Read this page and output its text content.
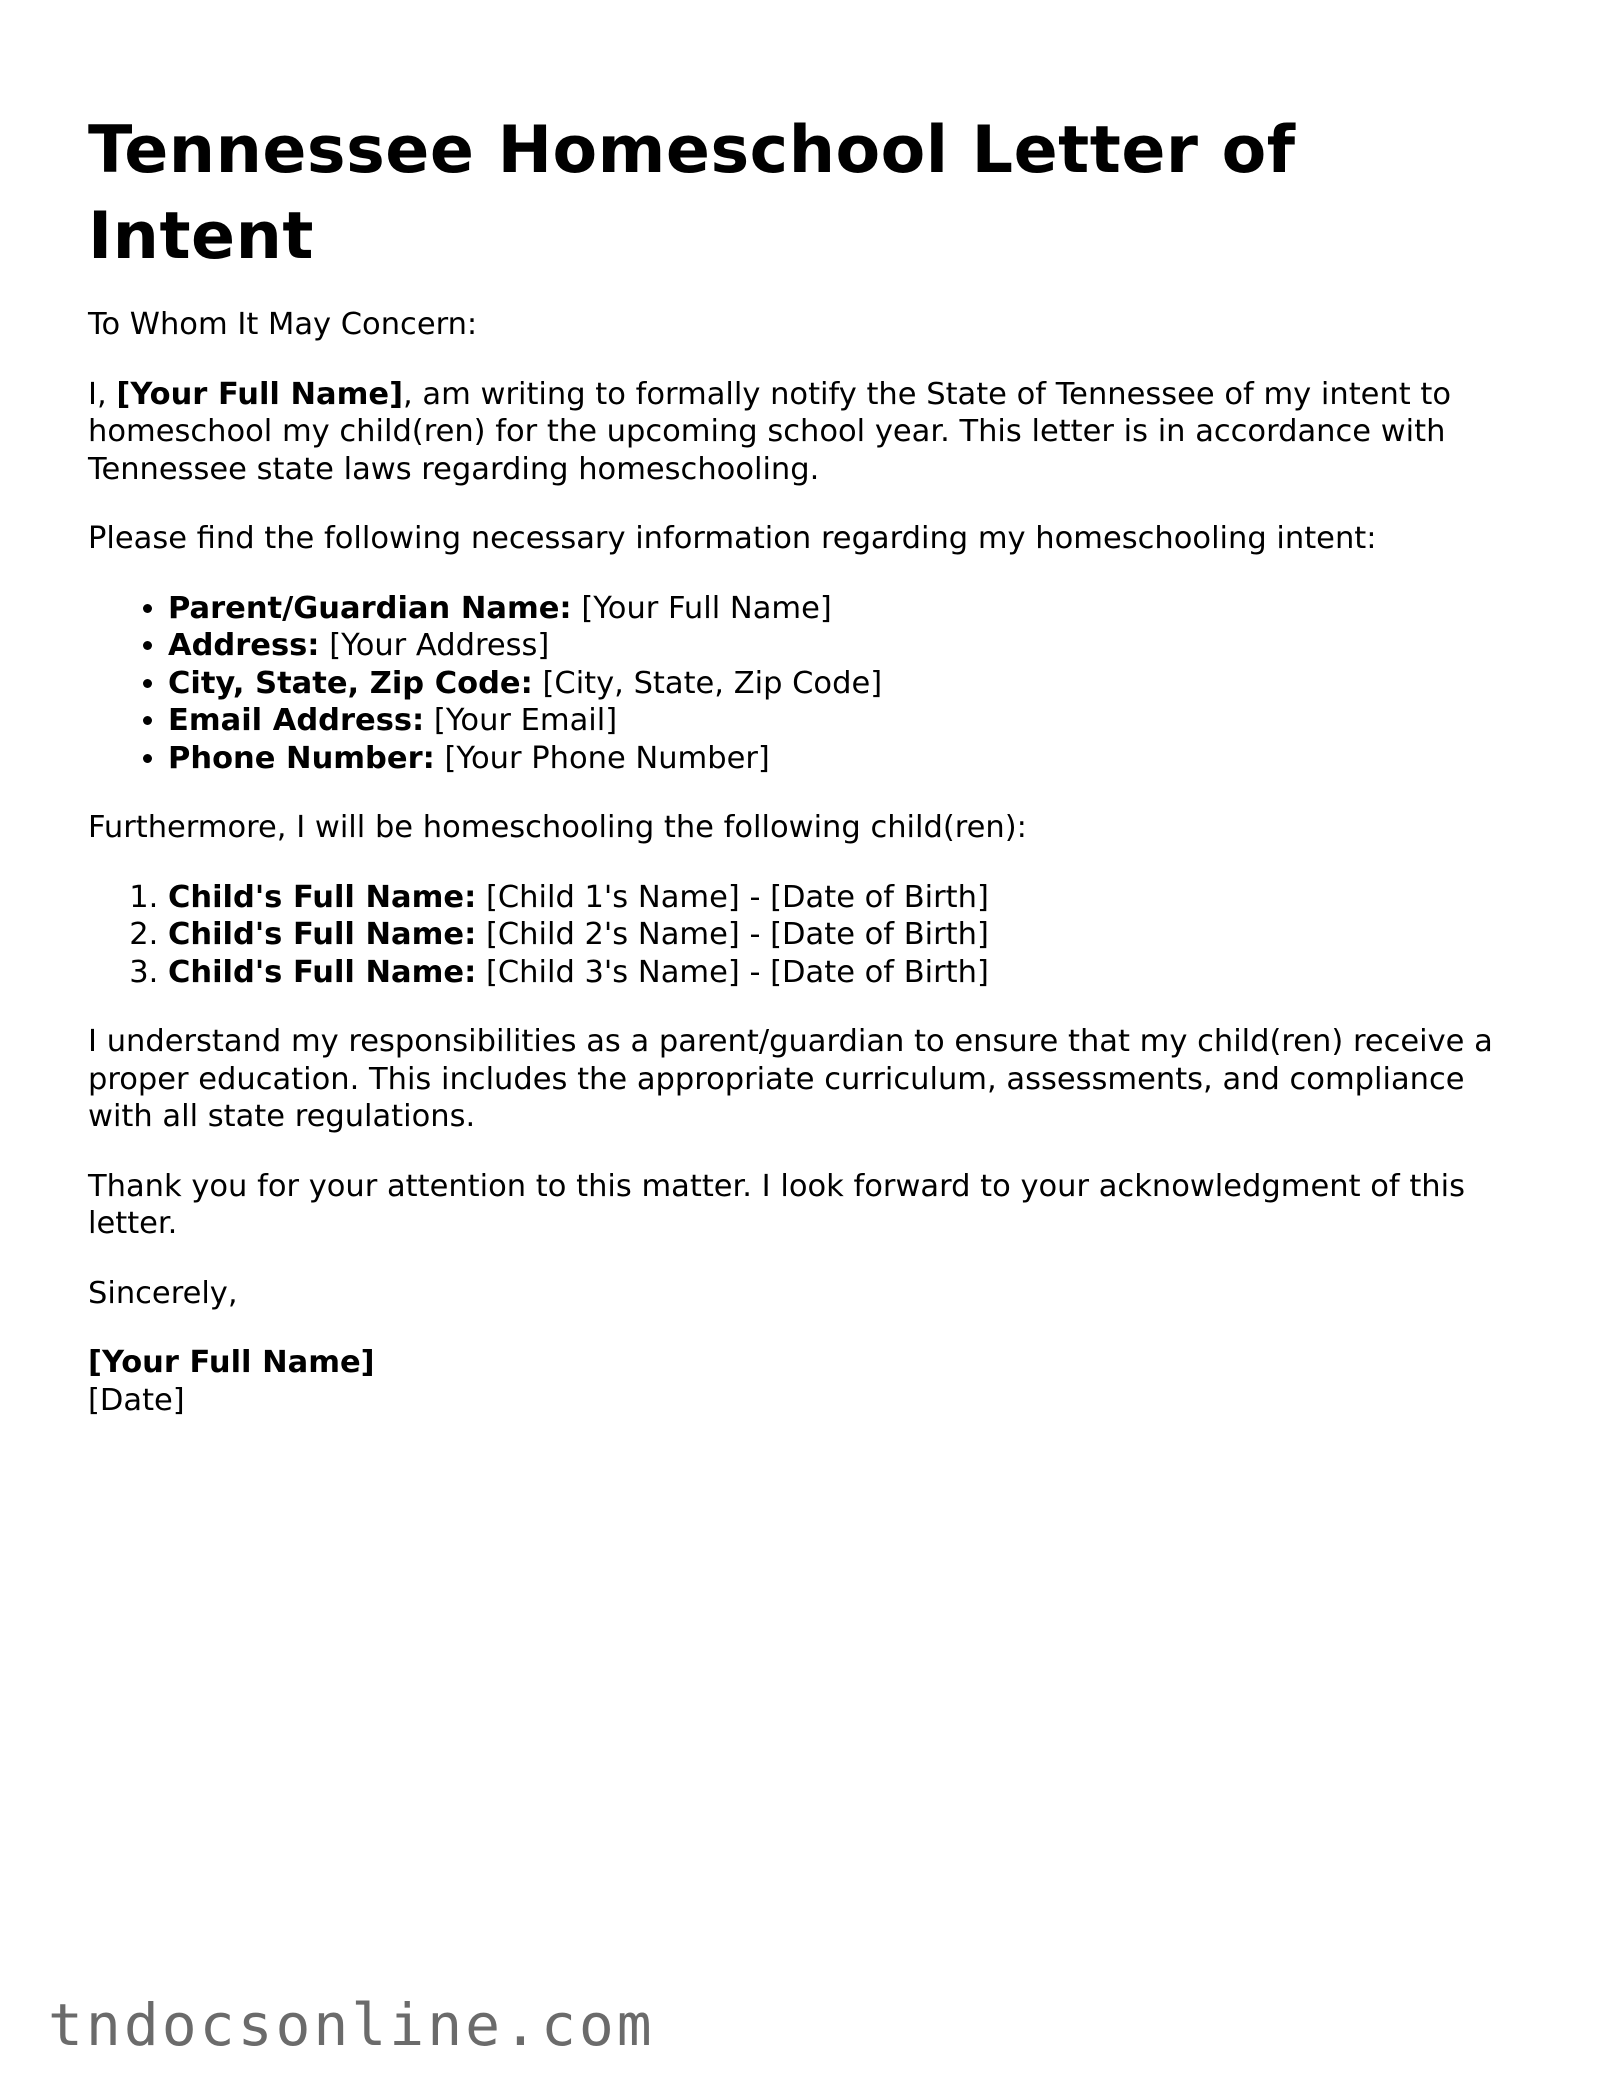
Tennessee Homeschool Letter of Intent

To Whom It May Concern:

I, [Your Full Name], am writing to formally notify the State of Tennessee of my intent to homeschool my child(ren) for the upcoming school year. This letter is in accordance with Tennessee state laws regarding homeschooling.

Please find the following necessary information regarding my homeschooling intent:

• Parent/Guardian Name: [Your Full Name]
• Address: [Your Address]
• City, State, Zip Code: [City, State, Zip Code]
• Email Address: [Your Email]
• Phone Number: [Your Phone Number]

Furthermore, I will be homeschooling the following child(ren):

1. Child's Full Name: [Child 1's Name] - [Date of Birth]
2. Child's Full Name: [Child 2's Name] - [Date of Birth]
3. Child's Full Name: [Child 3's Name] - [Date of Birth]

I understand my responsibilities as a parent/guardian to ensure that my child(ren) receive a proper education. This includes the appropriate curriculum, assessments, and compliance with all state regulations.

Thank you for your attention to this matter. I look forward to your acknowledgment of this letter.

Sincerely,

[Your Full Name]

[Date]

tndocsonline.com
